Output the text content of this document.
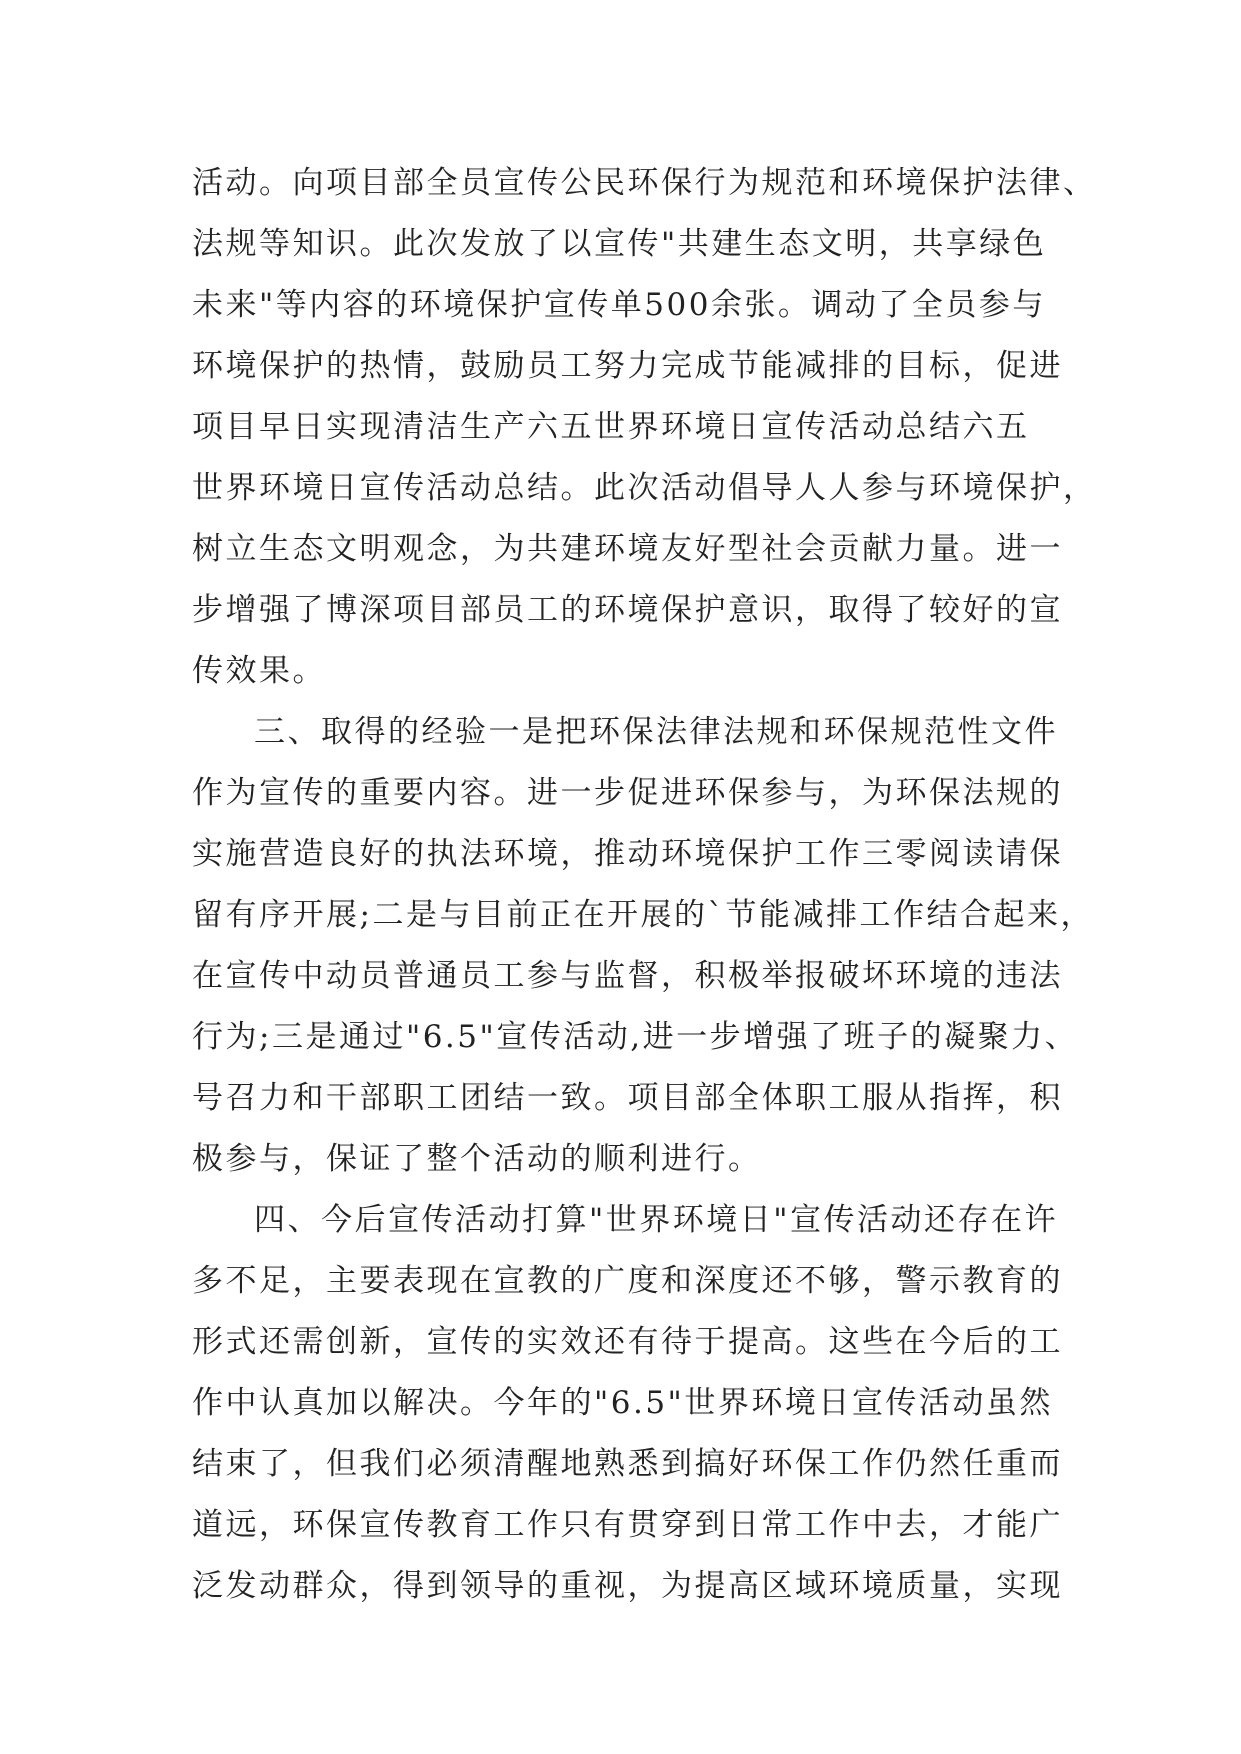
活动。向项目部全员宣传公民环保行为规范和环境保护法律、
法规等知识。此次发放了以宣传"共建生态文明，共享绿色
未来"等内容的环境保护宣传单500余张。调动了全员参与
环境保护的热情，鼓励员工努力完成节能减排的目标，促进
项目早日实现清洁生产六五世界环境日宣传活动总结六五
世界环境日宣传活动总结。此次活动倡导人人参与环境保护，
树立生态文明观念，为共建环境友好型社会贡献力量。进一
步增强了博深项目部员工的环境保护意识，取得了较好的宣
传效果。
三、取得的经验一是把环保法律法规和环保规范性文件
作为宣传的重要内容。进一步促进环保参与，为环保法规的
实施营造良好的执法环境，推动环境保护工作三零阅读请保
留有序开展;二是与目前正在开展的`节能减排工作结合起来，
在宣传中动员普通员工参与监督，积极举报破坏环境的违法
行为;三是通过"6.5"宣传活动,进一步增强了班子的凝聚力、
号召力和干部职工团结一致。项目部全体职工服从指挥，积
极参与，保证了整个活动的顺利进行。
四、今后宣传活动打算"世界环境日"宣传活动还存在许
多不足，主要表现在宣教的广度和深度还不够，警示教育的
形式还需创新，宣传的实效还有待于提高。这些在今后的工
作中认真加以解决。今年的"6.5"世界环境日宣传活动虽然
结束了，但我们必须清醒地熟悉到搞好环保工作仍然任重而
道远，环保宣传教育工作只有贯穿到日常工作中去，才能广
泛发动群众，得到领导的重视，为提高区域环境质量，实现
